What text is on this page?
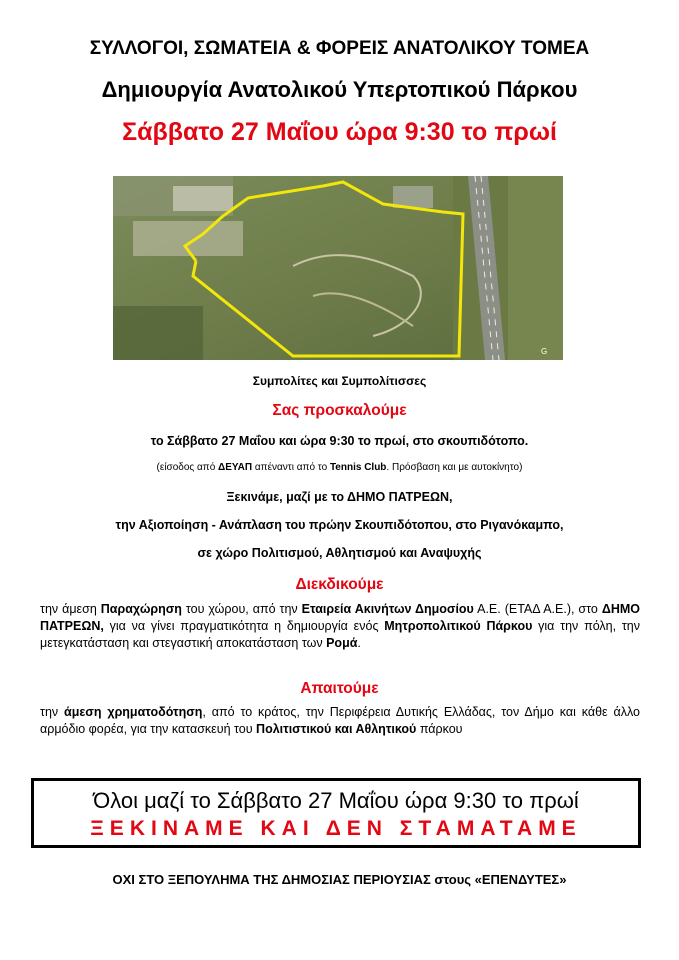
ΣΥΛΛΟΓΟΙ, ΣΩΜΑΤΕΙΑ & ΦΟΡΕΙΣ ΑΝΑΤΟΛΙΚΟΥ ΤΟΜΕΑ
Δημιουργία Ανατολικού Υπερτοπικού Πάρκου
Σάββατο 27 Μαΐου ώρα 9:30 το πρωί
G
Συμπολίτες και Συμπολίτισσες
Σας προσκαλούμε
το Σάββατο 27 Μαΐου και ώρα 9:30 το πρωί, στο σκουπιδότοπο.
(είσοδος από ΔΕΥΑΠ απέναντι από το Tennis Club. Πρόσβαση και με αυτοκίνητο)
Ξεκινάμε, μαζί με το ΔΗΜΟ ΠΑΤΡΕΩΝ,
την Αξιοποίηση - Ανάπλαση του πρώην Σκουπιδότοπου, στο Ριγανόκαμπο,
σε χώρο Πολιτισμού, Αθλητισμού και Αναψυχής
Διεκδικούμε
την άμεση Παραχώρηση του χώρου, από την Εταιρεία Ακινήτων Δημοσίου Α.Ε. (ΕΤΑΔ Α.Ε.), στο ΔΗΜΟ ΠΑΤΡΕΩΝ, για να γίνει πραγματικότητα η δημιουργία ενός Μητροπολιτικού Πάρκου για την πόλη, την μετεγκατάσταση και στεγαστική αποκατάσταση των Ρομά.
Απαιτούμε
την άμεση χρηματοδότηση, από το κράτος, την Περιφέρεια Δυτικής Ελλάδας, τον Δήμο και κάθε άλλο αρμόδιο φορέα, για την κατασκευή του Πολιτιστικού και Αθλητικού πάρκου
Όλοι μαζί το Σάββατο 27 Μαΐου ώρα 9:30 το πρωί
ΞΕΚΙΝΑΜΕ ΚΑΙ ΔΕΝ ΣΤΑΜΑΤΑΜΕ
ΟΧΙ ΣΤΟ ΞΕΠΟΥΛΗΜΑ ΤΗΣ ΔΗΜΟΣΙΑΣ ΠΕΡΙΟΥΣΙΑΣ στους «ΕΠΕΝΔΥΤΕΣ»
